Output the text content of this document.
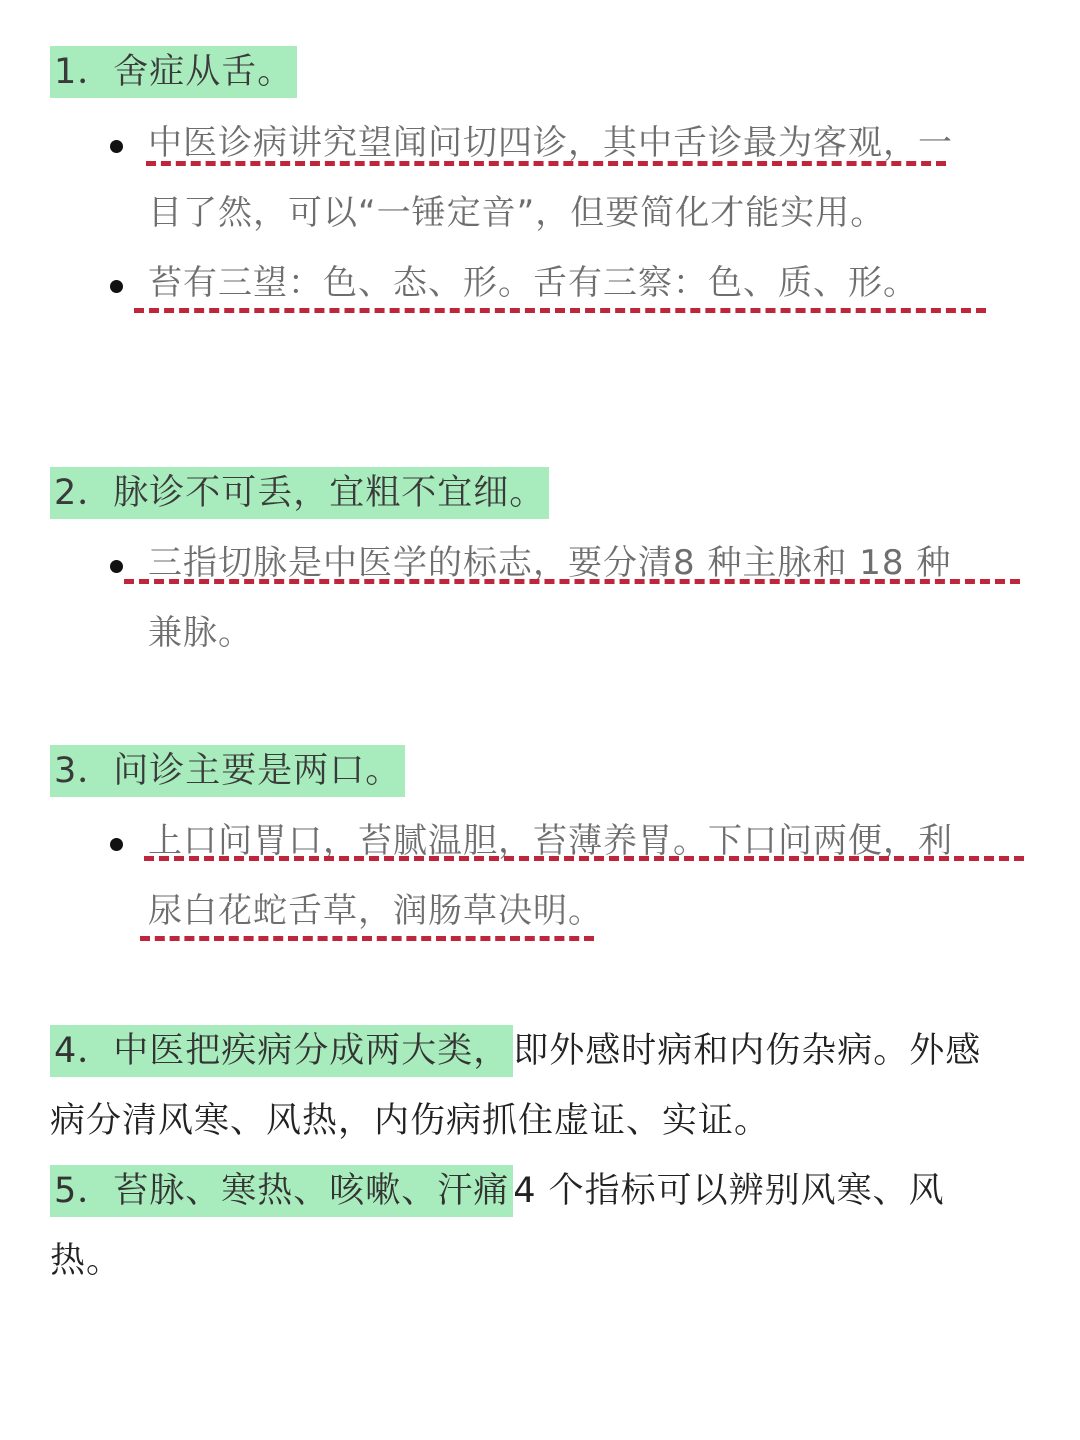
1．舍症从舌。
中医诊病讲究望闻问切四诊，其中舌诊最为客观，一
目了然，可以“一锤定音”，但要简化才能实用。
苔有三望：色、态、形。舌有三察：色、质、形。
2．脉诊不可丢，宜粗不宜细。
三指切脉是中医学的标志，要分清8 种主脉和 18 种
兼脉。
3．问诊主要是两口。
上口问胃口，苔腻温胆，苔薄养胃。下口问两便，利
尿白花蛇舌草，润肠草决明。
4．中医把疾病分成两大类， 即外感时病和内伤杂病。外感
病分清风寒、风热，内伤病抓住虚证、实证。
5．苔脉、寒热、咳嗽、汗痛4 个指标可以辨别风寒、风
热。
